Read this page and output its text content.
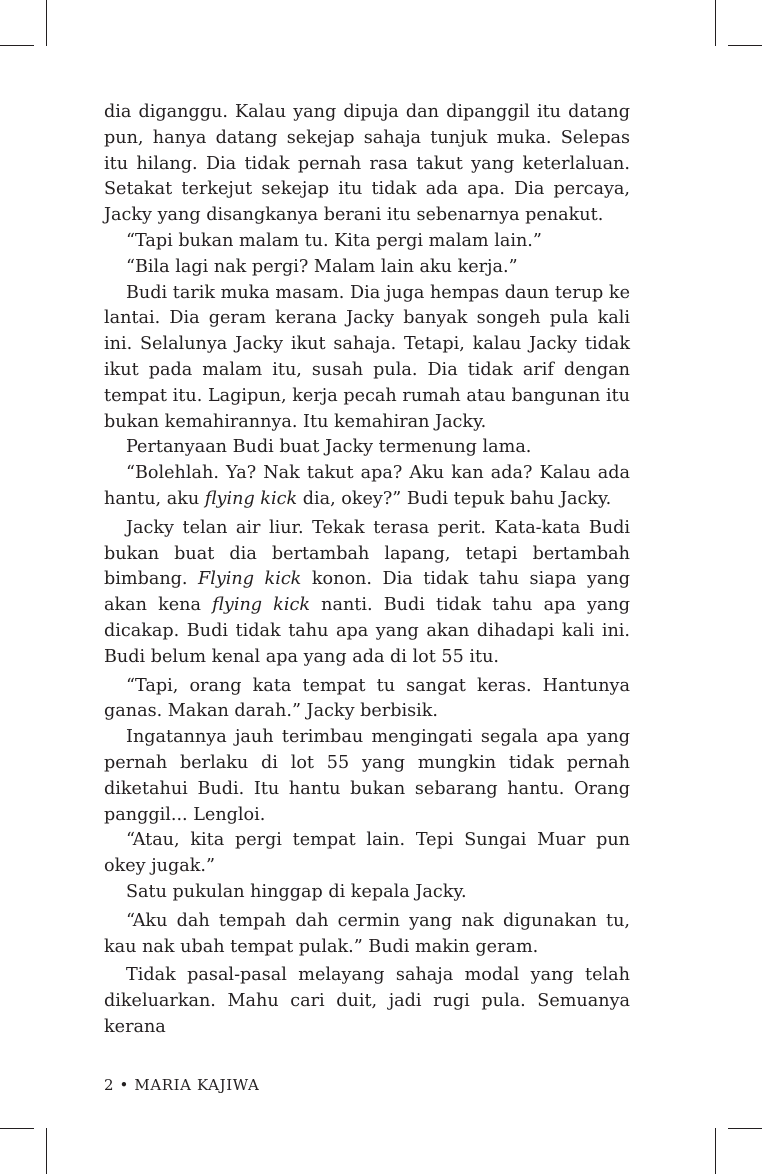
dia diganggu. Kalau yang dipuja dan dipanggil itu datang pun, hanya datang sekejap sahaja tunjuk muka. Selepas itu hilang. Dia tidak pernah rasa takut yang keterlaluan. Setakat terkejut sekejap itu tidak ada apa. Dia percaya, Jacky yang disangkanya berani itu sebenarnya penakut.

“Tapi bukan malam tu. Kita pergi malam lain.”

“Bila lagi nak pergi? Malam lain aku kerja.”

Budi tarik muka masam. Dia juga hempas daun terup ke lantai. Dia geram kerana Jacky banyak songeh pula kali ini. Selalunya Jacky ikut sahaja. Tetapi, kalau Jacky tidak ikut pada malam itu, susah pula. Dia tidak arif dengan tempat itu. Lagipun, kerja pecah rumah atau bangunan itu bukan kemahirannya. Itu kemahiran Jacky.

Pertanyaan Budi buat Jacky termenung lama.

“Bolehlah. Ya? Nak takut apa? Aku kan ada? Kalau ada hantu, aku flying kick dia, okey?” Budi tepuk bahu Jacky.

Jacky telan air liur. Tekak terasa perit. Kata-kata Budi bukan buat dia bertambah lapang, tetapi bertambah bimbang. Flying kick konon. Dia tidak tahu siapa yang akan kena flying kick nanti. Budi tidak tahu apa yang dicakap. Budi tidak tahu apa yang akan dihadapi kali ini. Budi belum kenal apa yang ada di lot 55 itu.

“Tapi, orang kata tempat tu sangat keras. Hantunya ganas. Makan darah.” Jacky berbisik.

Ingatannya jauh terimbau mengingati segala apa yang pernah berlaku di lot 55 yang mungkin tidak pernah diketahui Budi. Itu hantu bukan sebarang hantu. Orang panggil... Lengloi.

“Atau, kita pergi tempat lain. Tepi Sungai Muar pun okey jugak.”

Satu pukulan hinggap di kepala Jacky.

“Aku dah tempah dah cermin yang nak digunakan tu, kau nak ubah tempat pulak.” Budi makin geram.

Tidak pasal-pasal melayang sahaja modal yang telah dikeluarkan. Mahu cari duit, jadi rugi pula. Semuanya kerana

2 • MARIA KAJIWA
